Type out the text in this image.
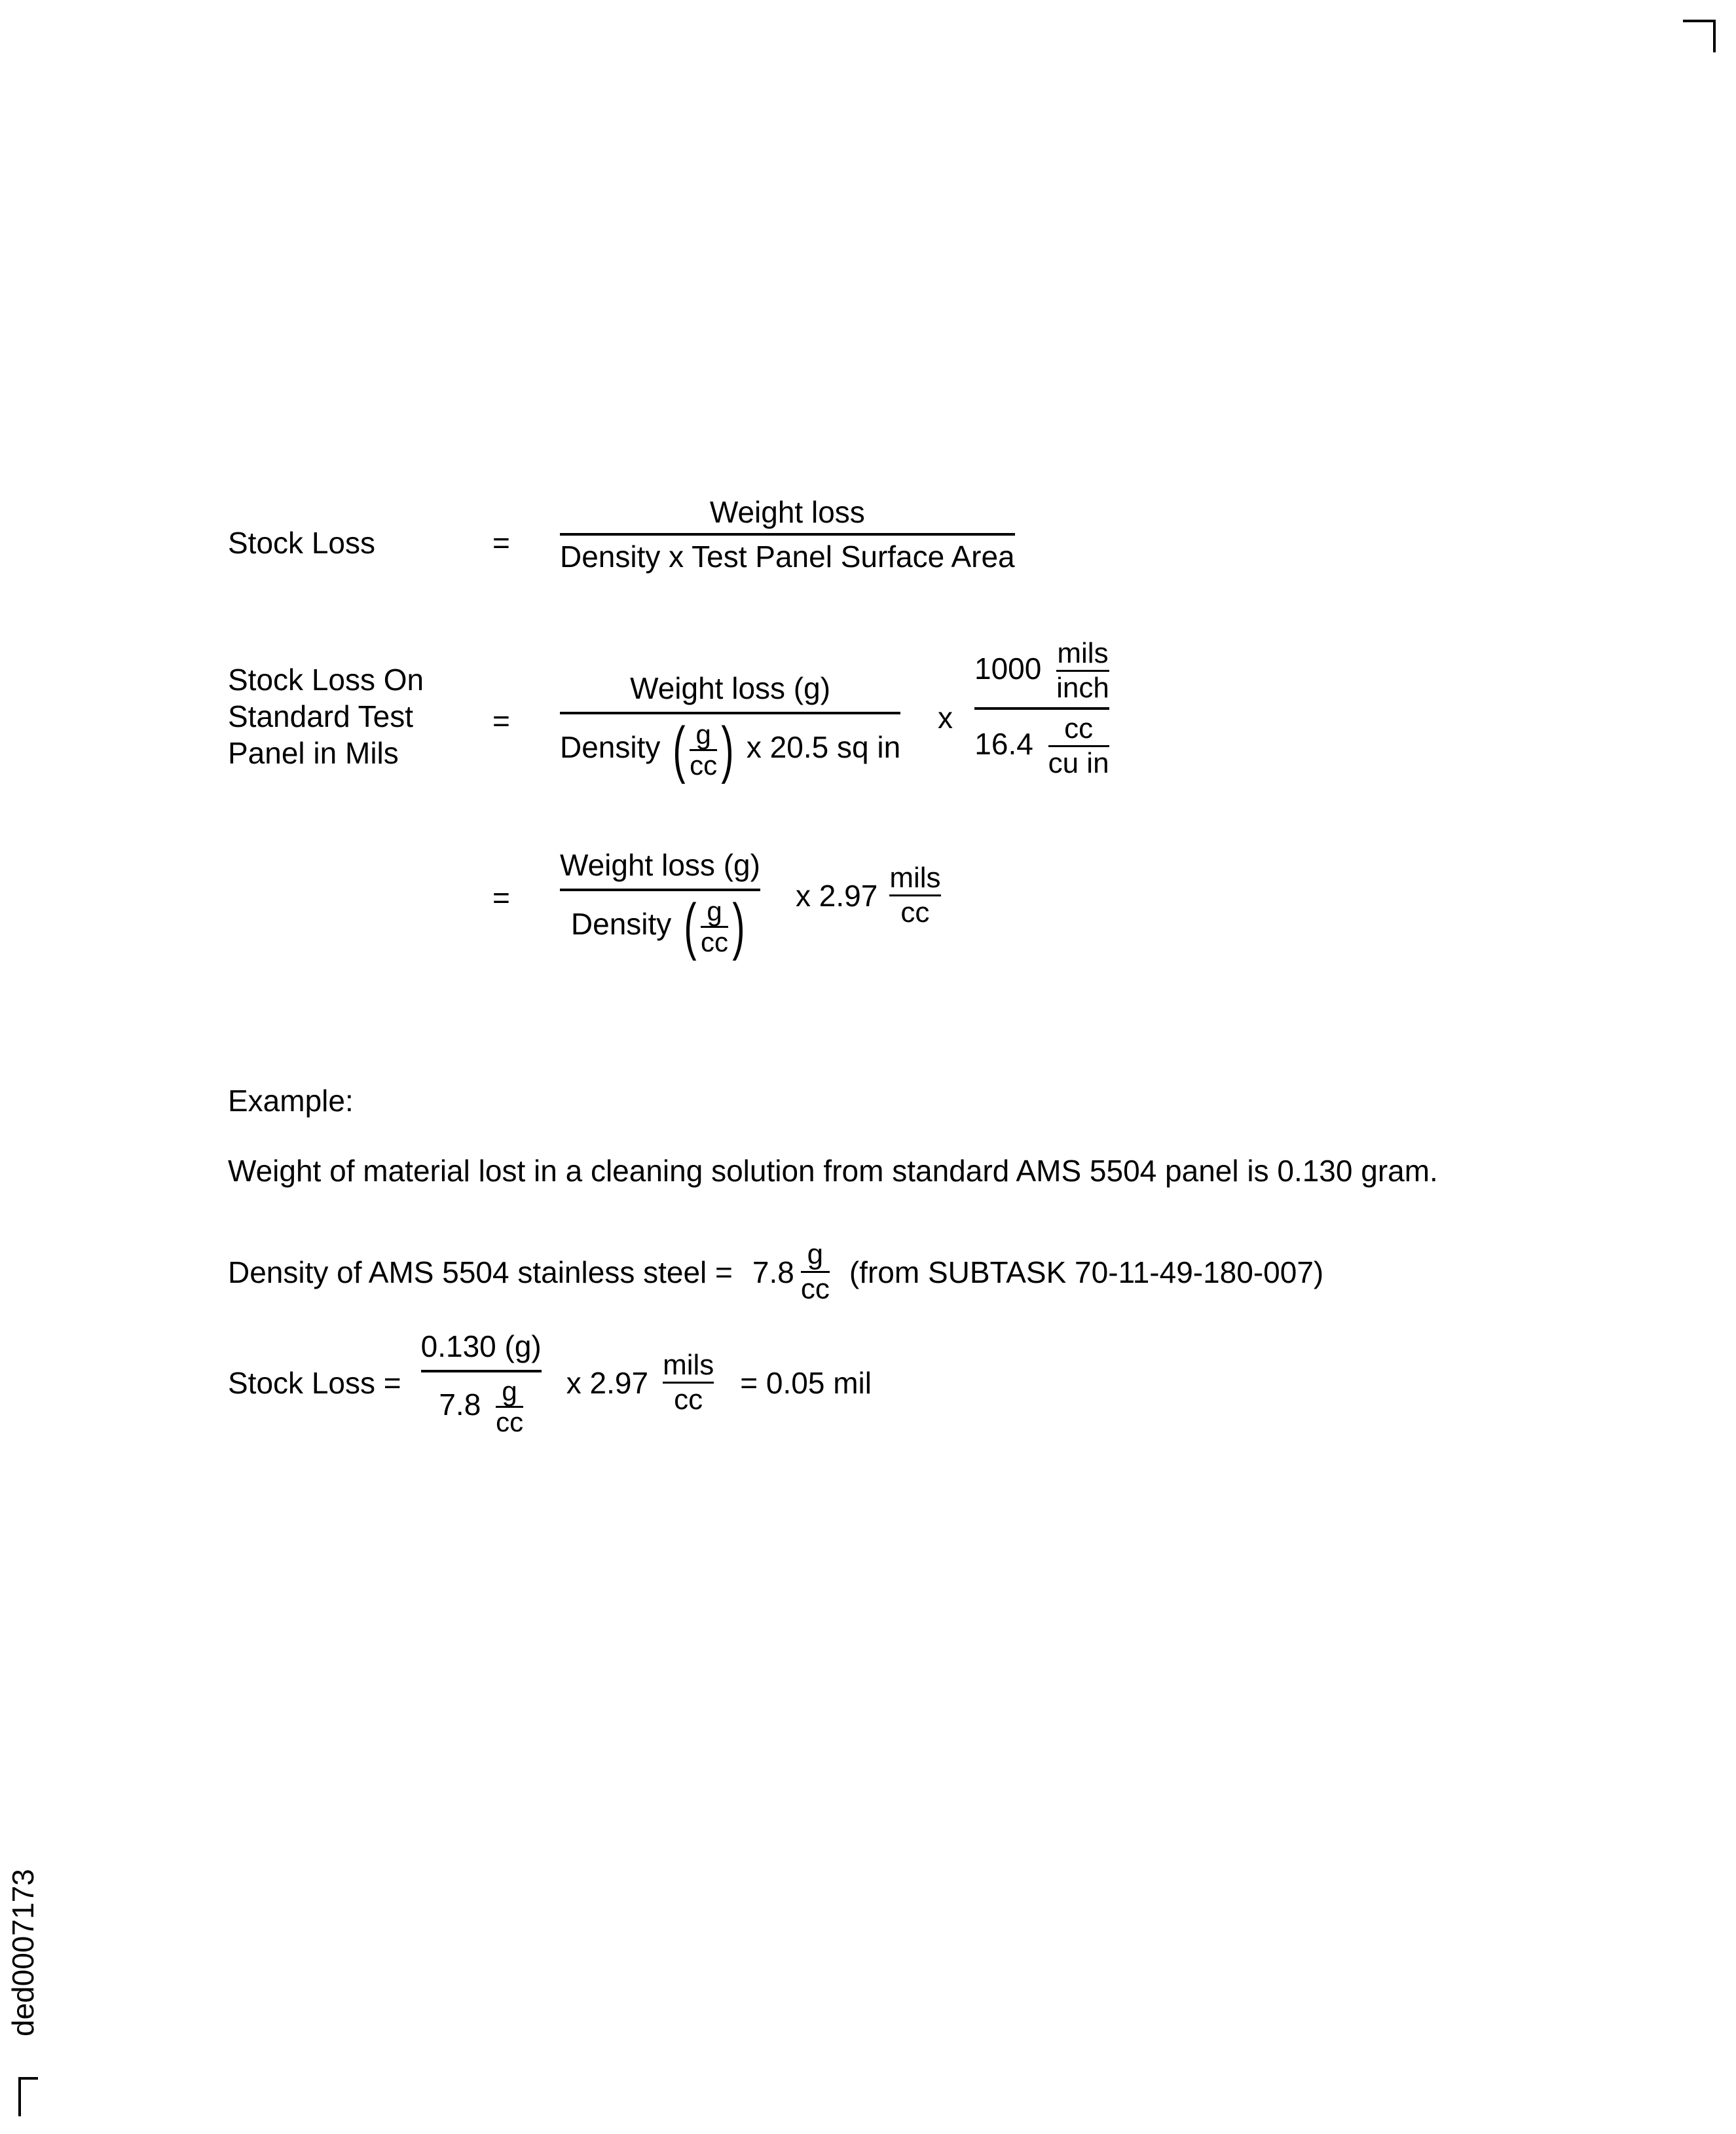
Stock Loss	= $\frac{\text{Weight loss}}{\text{Density x Test Panel Surface Area}}$
Stock Loss On
Standard Test
Panel in Mils
=
Weight loss (g)
Density ( $\frac{g}{cc}$ ) x 20.5 sq in
x $\frac{1000 \frac{\text{mils}}{\text{inch}}}{16.4 \frac{cc}{\text{cu in}}}$
=
Weight loss (g)
Density ( $\frac{g}{cc}$ ) x $2.97 \frac{\text{mils}}{cc}$
Example:
Weight of material lost in a cleaning solution from standard AMS 5504 panel is 0.130 gram.
Density of AMS 5504 stainless steel = $7.8 \frac{g}{cc}$ (from SUBTASK 70-11-49-180-007)
Stock Loss = $\frac{0.130 (g)}{7.8 \frac{g}{cc}}$ x $2.97 \frac{\text{mils}}{cc} = 0.05$ mil
ded0007173
